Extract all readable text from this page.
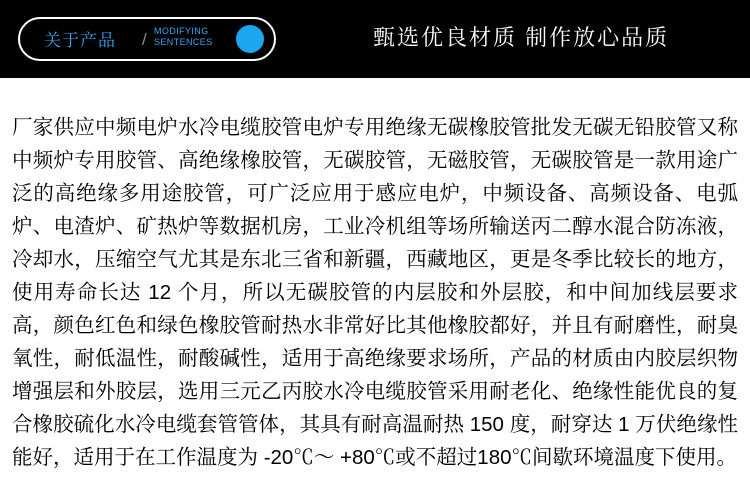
关于产品 / MODIFYING SENTENCES	甄选优良材质 制作放心品质

厂家供应中频电炉水冷电缆胶管电炉专用绝缘无碳橡胶管批发无碳无铅胶管又称中频炉专用胶管、高绝缘橡胶管，无碳胶管，无磁胶管，无碳胶管是一款用途广泛的高绝缘多用途胶管，可广泛应用于感应电炉，中频设备、高频设备、电弧炉、电渣炉、矿热炉等数据机房，工业冷机组等场所输送丙二醇水混合防冻液，冷却水，压缩空气尤其是东北三省和新疆，西藏地区，更是冬季比较长的地方，使用寿命长达 12 个月，所以无碳胶管的内层胶和外层胶，和中间加线层要求高，颜色红色和绿色橡胶管耐热水非常好比其他橡胶都好，并且有耐磨性，耐臭氧性，耐低温性，耐酸碱性，适用于高绝缘要求场所，产品的材质由内胶层织物增强层和外胶层，选用三元乙丙胶水冷电缆胶管采用耐老化、绝缘性能优良的复合橡胶硫化水冷电缆套管管体，其具有耐高温耐热 150 度，耐穿达 1 万伏绝缘性能好，适用于在工作温度为 -20℃～ +80℃或不超过180℃间歇环境温度下使用。
